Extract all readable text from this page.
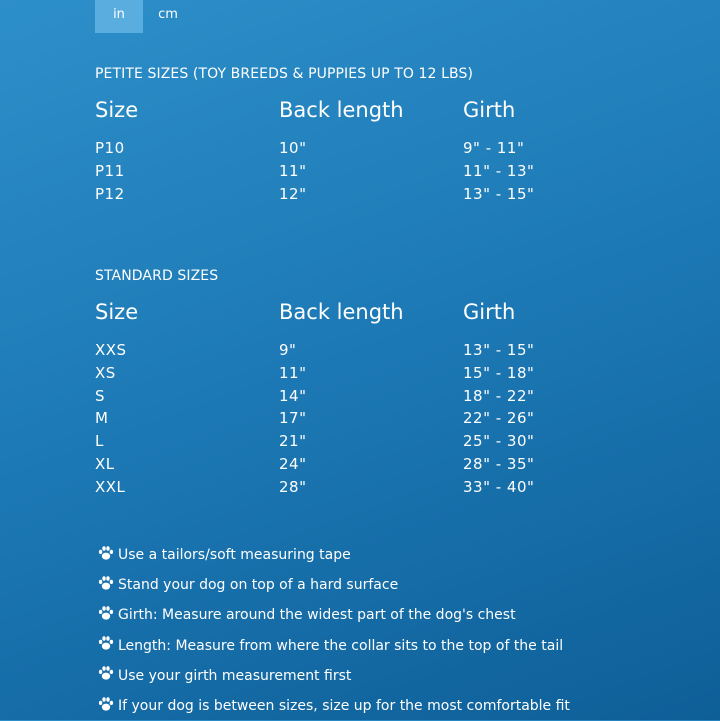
in	cm
PETITE SIZES (TOY BREEDS & PUPPIES UP TO 12 LBS)
Size	Back length	Girth
P10	10"	9" - 11"
P11	11"	11" - 13"
P12	12"	13" - 15"
STANDARD SIZES
Size	Back length	Girth
XXS	9"	13" - 15"
XS	11"	15" - 18"
S	14"	18" - 22"
M	17"	22" - 26"
L	21"	25" - 30"
XL	24"	28" - 35"
XXL	28"	33" - 40"
Use a tailors/soft measuring tape
Stand your dog on top of a hard surface
Girth: Measure around the widest part of the dog's chest
Length: Measure from where the collar sits to the top of the tail
Use your girth measurement first
If your dog is between sizes, size up for the most comfortable fit
